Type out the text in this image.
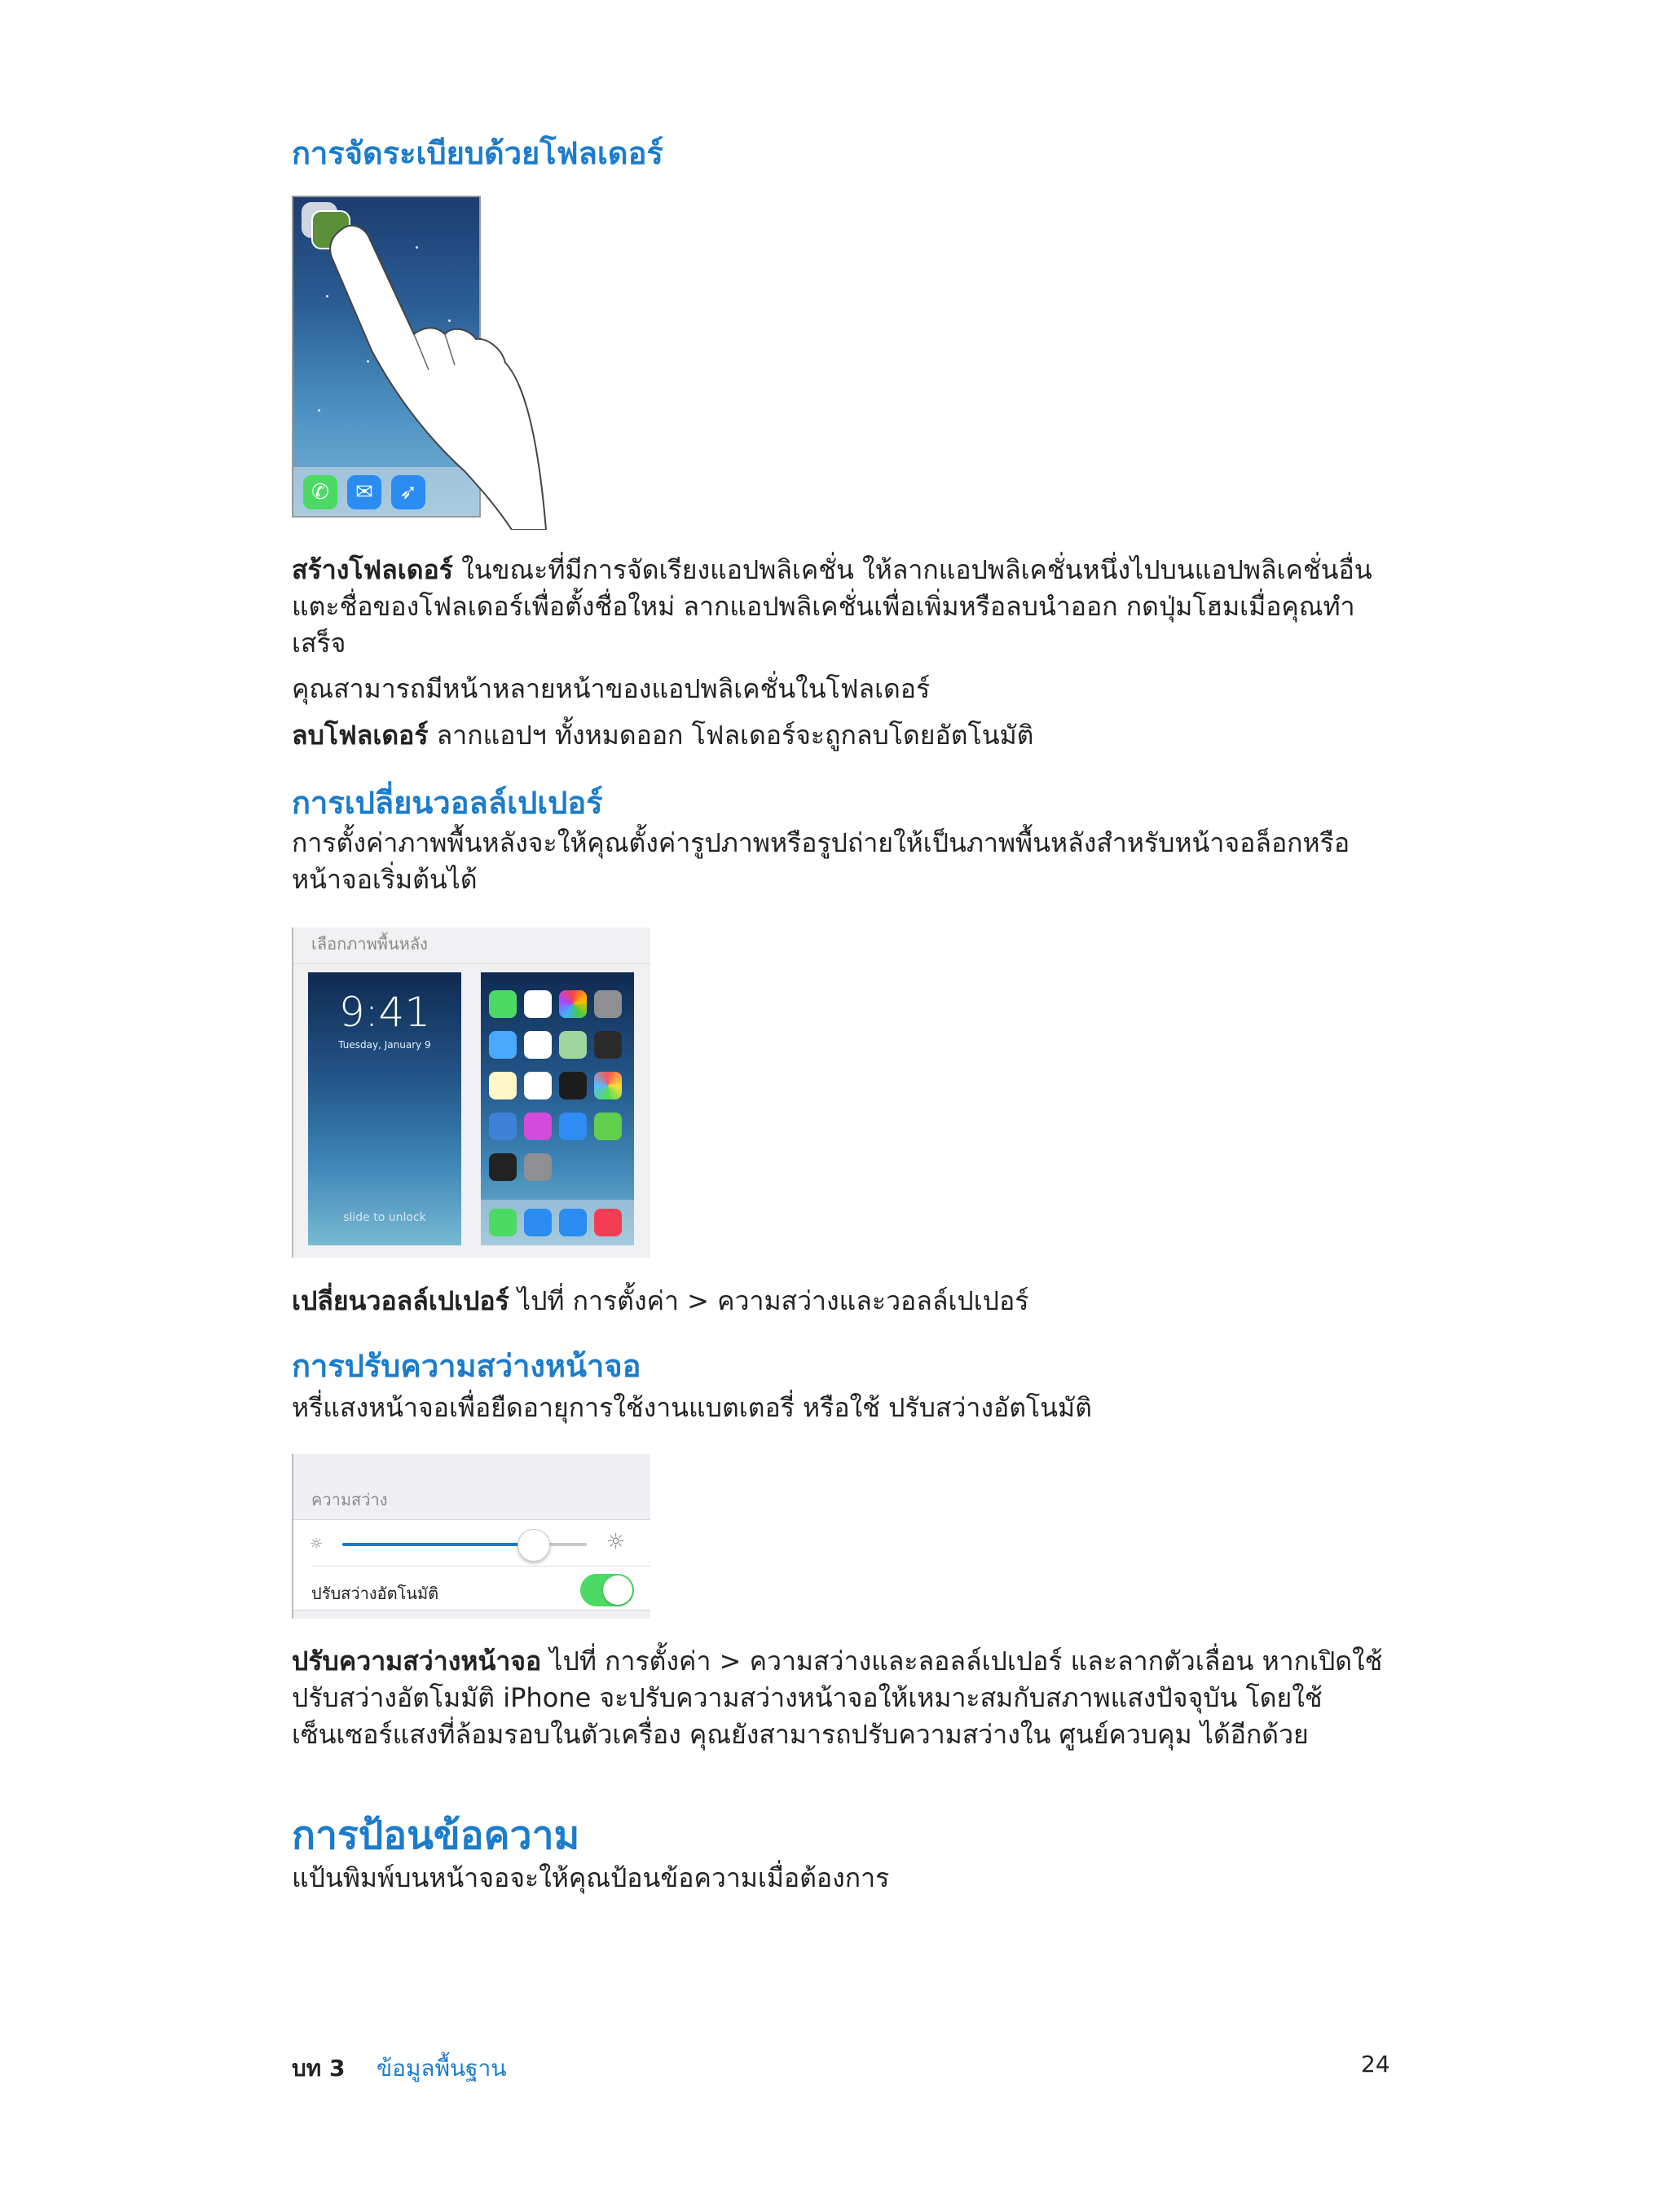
การจัดระเบียบด้วยโฟลเดอร์
✆	✉	➶

สร้างโฟลเดอร์ ในขณะที่มีการจัดเรียงแอปพลิเคชั่น ให้ลากแอปพลิเคชั่นหนึ่งไปบนแอปพลิเคชั่นอื่น แตะชื่อของโฟลเดอร์เพื่อตั้งชื่อใหม่ ลากแอปพลิเคชั่นเพื่อเพิ่มหรือลบนำออก กดปุ่มโฮมเมื่อคุณทำเสร็จ

คุณสามารถมีหน้าหลายหน้าของแอปพลิเคชั่นในโฟลเดอร์

ลบโฟลเดอร์ ลากแอปฯ ทั้งหมดออก โฟลเดอร์จะถูกลบโดยอัตโนมัติ

การเปลี่ยนวอลล์เปเปอร์

การตั้งค่าภาพพื้นหลังจะให้คุณตั้งค่ารูปภาพหรือรูปถ่ายให้เป็นภาพพื้นหลังสำหรับหน้าจอล็อกหรือหน้าจอเริ่มต้นได้

เลือกภาพพื้นหลัง
9:41
Tuesday, January 9
slide to unlock

เปลี่ยนวอลล์เปเปอร์ ไปที่ การตั้งค่า > ความสว่างและวอลล์เปเปอร์

การปรับความสว่างหน้าจอ

หรี่แสงหน้าจอเพื่อยืดอายุการใช้งานแบตเตอรี่ หรือใช้ ปรับสว่างอัตโนมัติ

ความสว่าง
☼	☼
ปรับสว่างอัตโนมัติ

ปรับความสว่างหน้าจอ ไปที่ การตั้งค่า > ความสว่างและลอลล์เปเปอร์ และลากตัวเลื่อน หากเปิดใช้ ปรับสว่างอัตโมมัติ iPhone จะปรับความสว่างหน้าจอให้เหมาะสมกับสภาพแสงปัจจุบัน โดยใช้เซ็นเซอร์แสงที่ล้อมรอบในตัวเครื่อง คุณยังสามารถปรับความสว่างใน ศูนย์ควบคุม ได้อีกด้วย

การป้อนข้อความ

แป้นพิมพ์บนหน้าจอจะให้คุณป้อนข้อความเมื่อต้องการ

บท 3 ข้อมูลพื้นฐาน	24
